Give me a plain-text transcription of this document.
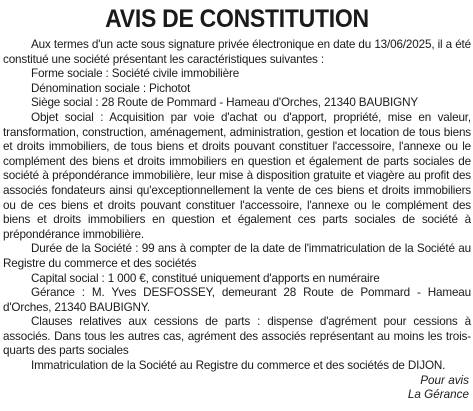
AVIS DE CONSTITUTION

Aux termes d'un acte sous signature privée électronique en date du 13/06/2025, il a été constitué une société présentant les caractéristiques suivantes :

Forme sociale : Société civile immobilière

Dénomination sociale : Pichotot

Siège social : 28 Route de Pommard - Hameau d'Orches, 21340 BAUBIGNY

Objet social : Acquisition par voie d'achat ou d'apport, propriété, mise en valeur, transformation, construction, aménagement, administration, gestion et location de tous biens et droits immobiliers, de tous biens et droits pouvant constituer l'accessoire, l'annexe ou le complément des biens et droits immobiliers en question et également de parts sociales de société à prépondérance immobilière, leur mise à disposition gratuite et viagère au profit des associés fondateurs ainsi qu'exceptionnellement la vente de ces biens et droits immobiliers ou de ces biens et droits pouvant constituer l'accessoire, l'annexe ou le complément des biens et droits immobiliers en question et également ces parts sociales de société à prépondérance immobilière.

Durée de la Société : 99 ans à compter de la date de l'immatriculation de la Société au Registre du commerce et des sociétés

Capital social : 1 000 €, constitué uniquement d'apports en numéraire

Gérance : M. Yves DESFOSSEY, demeurant 28 Route de Pommard - Hameau d'Orches, 21340 BAUBIGNY.

Clauses relatives aux cessions de parts : dispense d'agrément pour cessions à associés. Dans tous les autres cas, agrément des associés représentant au moins les trois-quarts des parts sociales

Immatriculation de la Société au Registre du commerce et des sociétés de DIJON.

Pour avis

La Gérance
